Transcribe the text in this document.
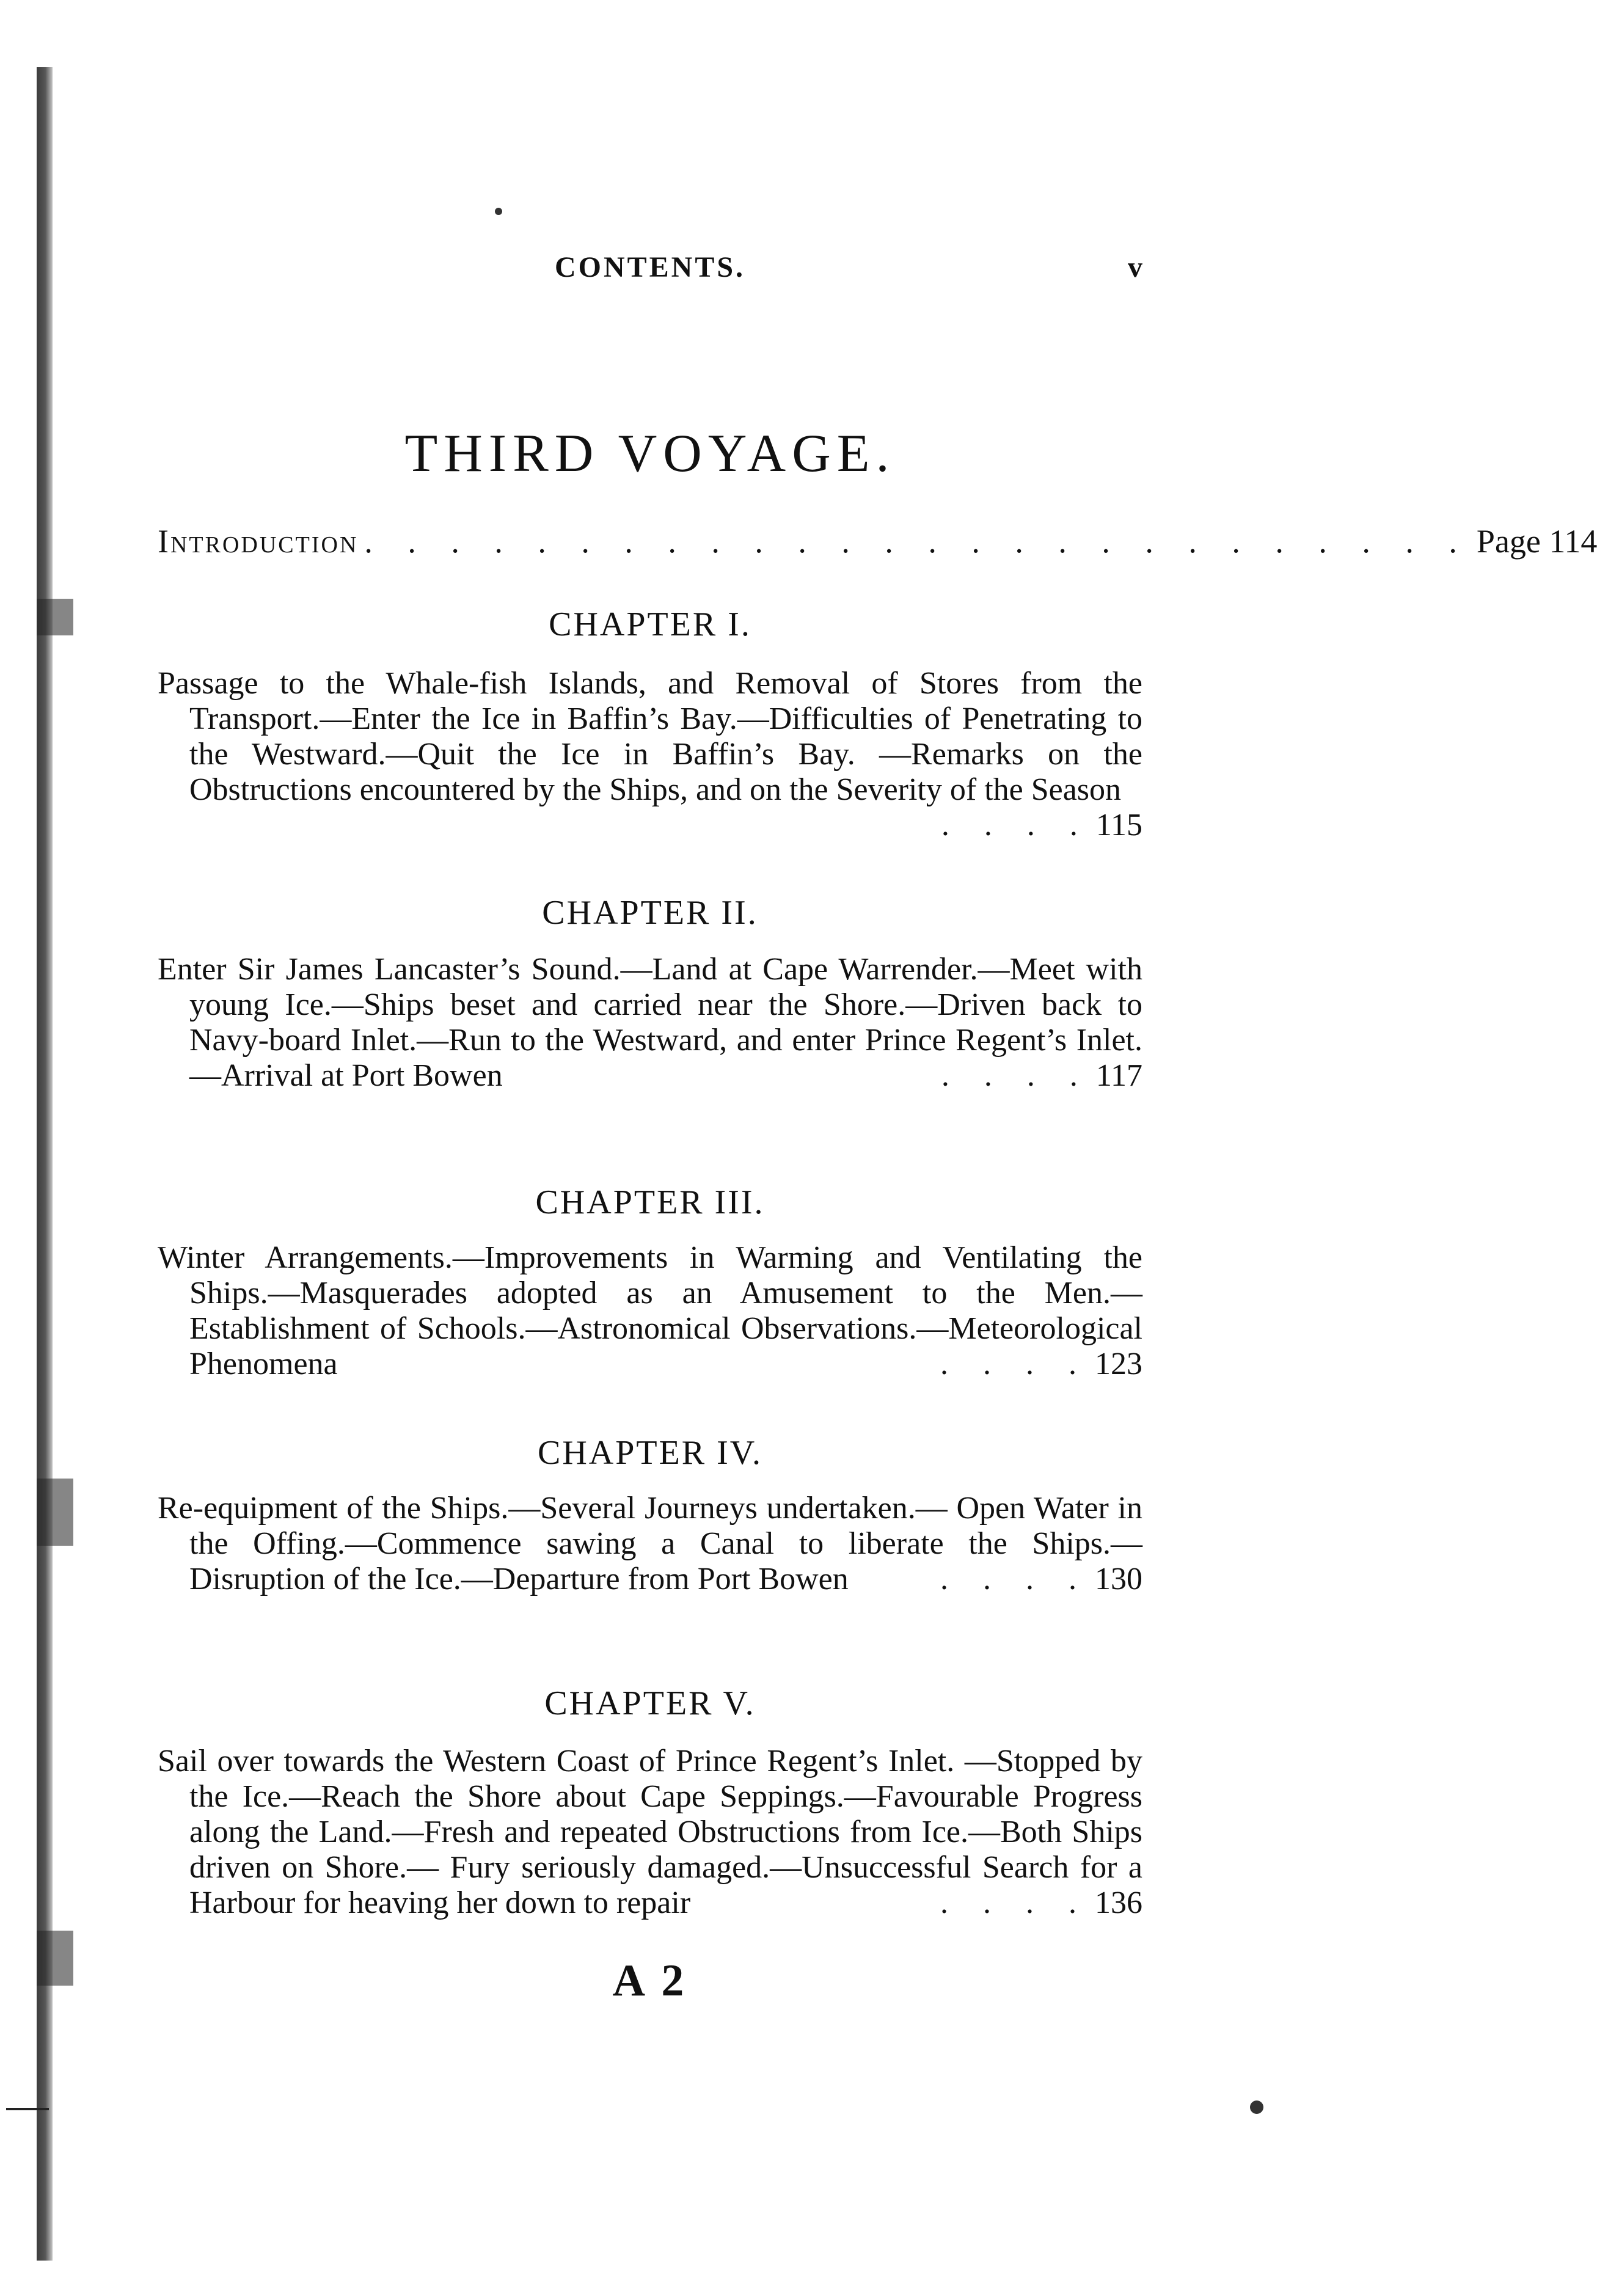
CONTENTS.	v
THIRD VOYAGE.
Introduction . . . . . . . . . . . . . . . . . . . . . . . . . . Page 114
CHAPTER I.
Passage to the Whale-fish Islands, and Removal of Stores from the Transport.—Enter the Ice in Baffin’s Bay.—Difficulties of Penetrating to the Westward.—Quit the Ice in Baffin’s Bay. —Remarks on the Obstructions encountered by the Ships, and on the Severity of the Season
. . . . 115
CHAPTER II.
Enter Sir James Lancaster’s Sound.—Land at Cape Warrender.—Meet with young Ice.—Ships beset and carried near the Shore.—Driven back to Navy-board Inlet.—Run to the Westward, and enter Prince Regent’s Inlet.—Arrival at Port Bowen	. . . . 117
CHAPTER III.
Winter Arrangements.—Improvements in Warming and Ventilating the Ships.—Masquerades adopted as an Amusement to the Men.—Establishment of Schools.—Astronomical Observations.—Meteorological Phenomena	. . . . 123
CHAPTER IV.
Re-equipment of the Ships.—Several Journeys undertaken.— Open Water in the Offing.—Commence sawing a Canal to liberate the Ships.—Disruption of the Ice.—Departure from Port Bowen	. . . . 130
CHAPTER V.
Sail over towards the Western Coast of Prince Regent’s Inlet. —Stopped by the Ice.—Reach the Shore about Cape Seppings.—Favourable Progress along the Land.—Fresh and repeated Obstructions from Ice.—Both Ships driven on Shore.— Fury seriously damaged.—Unsuccessful Search for a Harbour for heaving her down to repair	. . . . 136
A 2
